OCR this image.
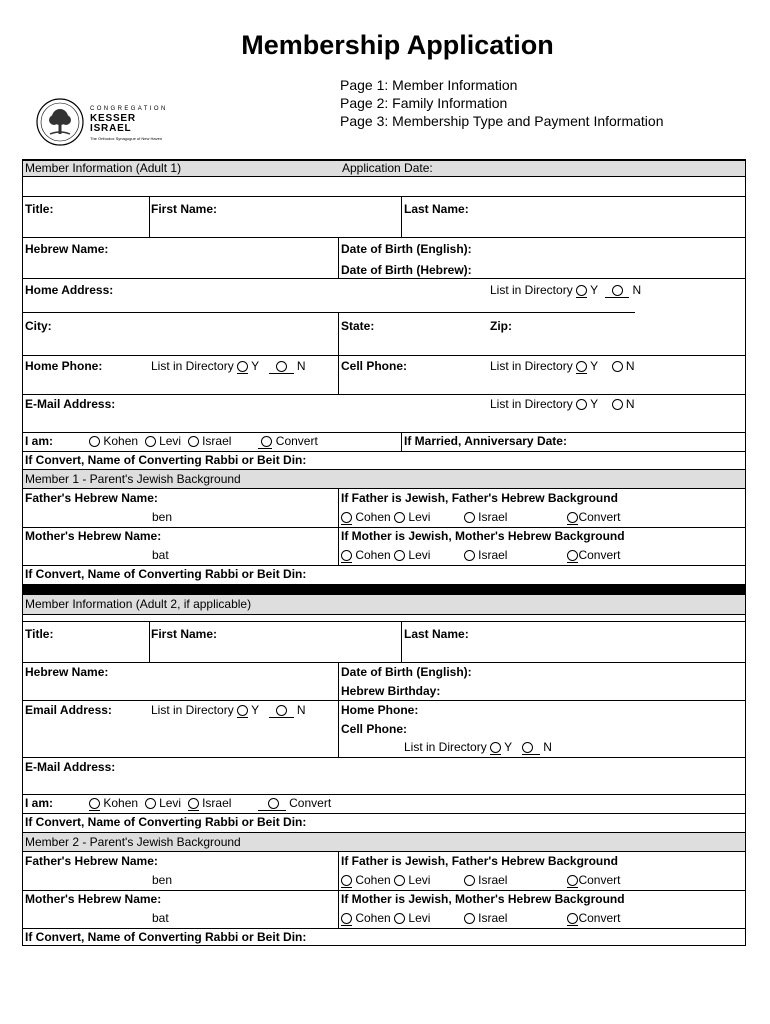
Membership Application
Page 1: Member Information
Page 2: Family Information
Page 3: Membership Type and Payment Information
CONGREGATION
KESSER ISRAEL
The Orthodox Synagogue of New Haven
Member Information (Adult 1)	Application Date:
Title:	First Name:	Last Name:
Hebrew Name:	Date of Birth (English):
Date of Birth (Hebrew):
Home Address:	List in Directory Y	N
City:	State:	Zip:
Home Phone:	List in Directory Y	N	Cell Phone:	List in Directory Y N
E-Mail Address:	List in Directory Y N
I am:	Kohen Levi Israel	Convert	If Married, Anniversary Date:
If Convert, Name of Converting Rabbi or Beit Din:
Member 1 - Parent's Jewish Background
Father's Hebrew Name:
ben
If Father is Jewish, Father's Hebrew Background
Cohen Levi	Israel	Convert
Mother's Hebrew Name:
bat
If Mother is Jewish, Mother's Hebrew Background
Cohen Levi	Israel	Convert
If Convert, Name of Converting Rabbi or Beit Din:
Member Information (Adult 2, if applicable)
Title:	First Name:	Last Name:
Hebrew Name:	Date of Birth (English):
Hebrew Birthday:
Email Address:	List in Directory Y	N	Home Phone:
Cell Phone:
List in Directory Y	N
E-Mail Address:
I am:	Kohen Levi Israel	Convert
If Convert, Name of Converting Rabbi or Beit Din:
Member 2 - Parent's Jewish Background
Father's Hebrew Name:
ben
If Father is Jewish, Father's Hebrew Background
Cohen Levi	Israel	Convert
Mother's Hebrew Name:
bat
If Mother is Jewish, Mother's Hebrew Background
Cohen Levi	Israel	Convert
If Convert, Name of Converting Rabbi or Beit Din:
